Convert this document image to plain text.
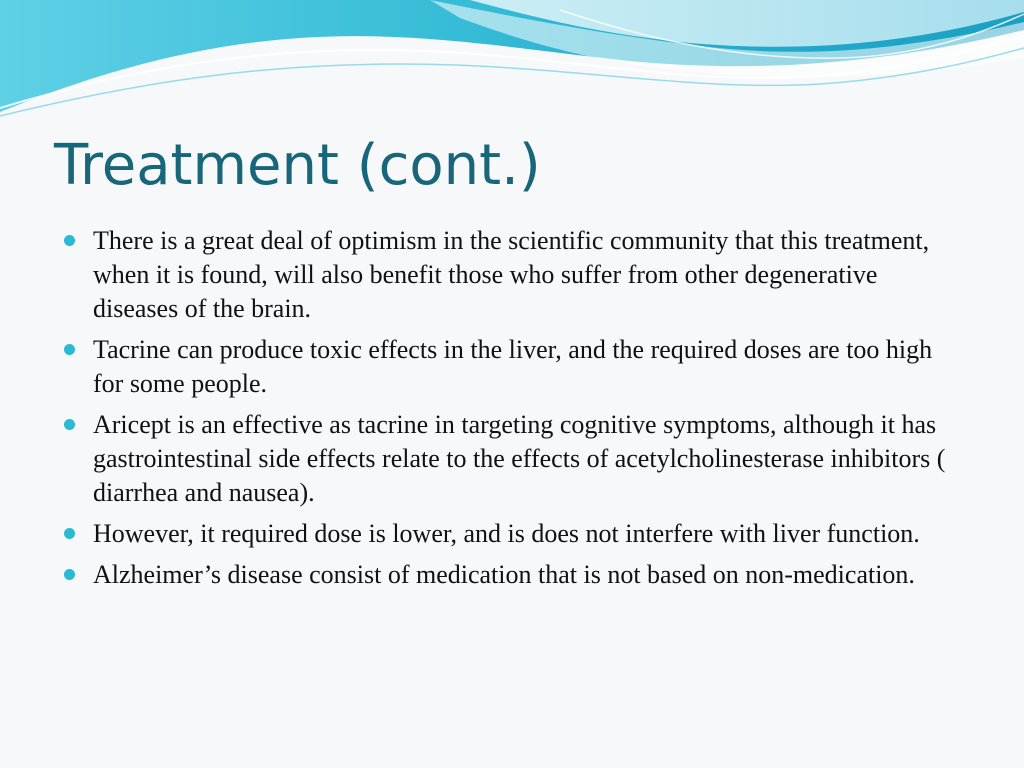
Treatment (cont.)
There is a great deal of optimism in the scientific community that this treatment, when it is found, will also benefit those who suffer from other degenerative diseases of the brain.
Tacrine can produce toxic effects in the liver, and the required doses are too high for some people.
Aricept is an effective as tacrine in targeting cognitive symptoms, although it has gastrointestinal side effects relate to the effects of acetylcholinesterase inhibitors ( diarrhea and nausea).
However, it required dose is lower, and is does not interfere with liver function.
Alzheimer’s disease consist of medication that is not based on non-medication.
